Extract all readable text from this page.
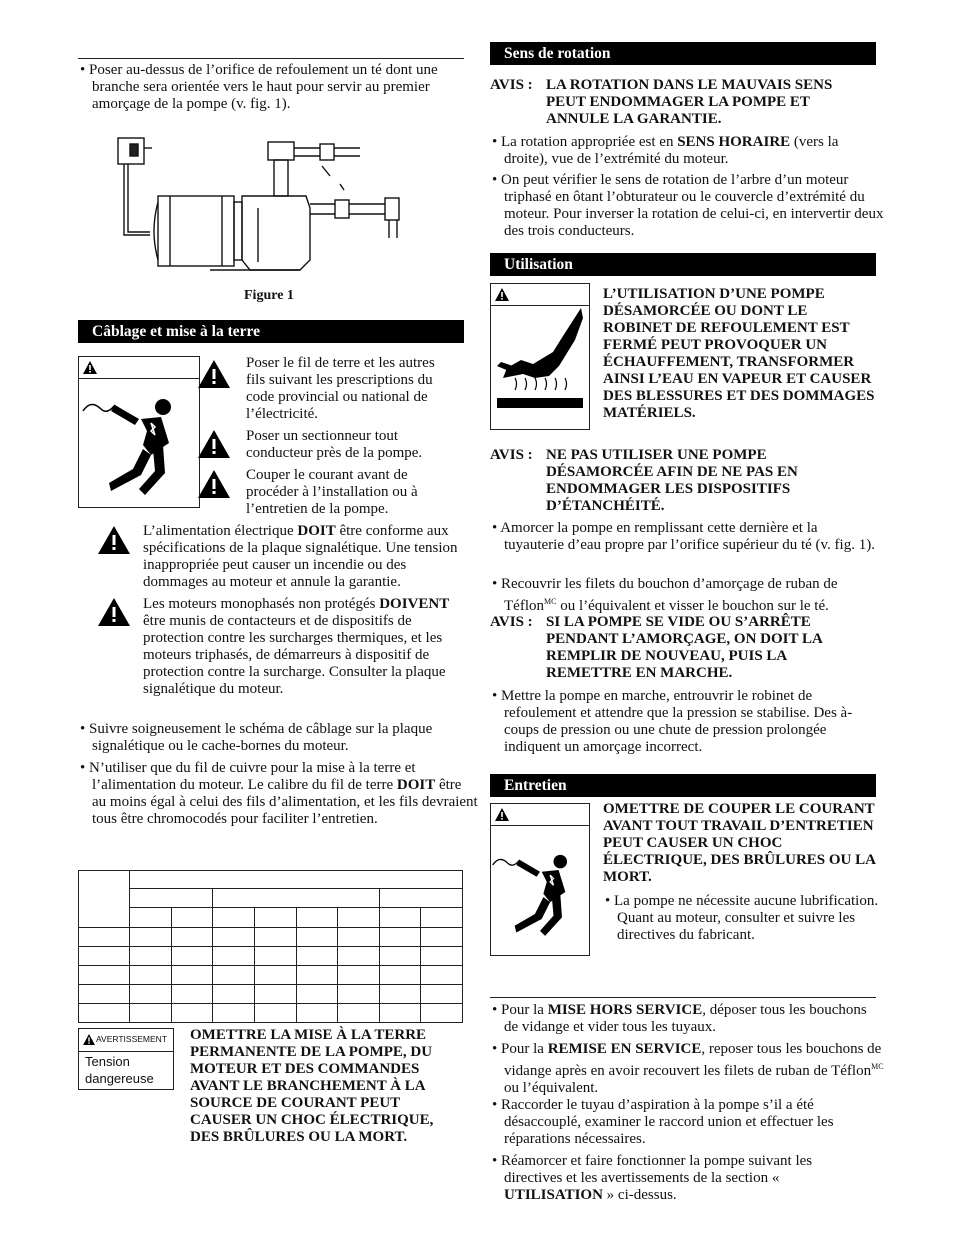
• Poser au-dessus de l’orifice de refoulement un té dont une branche sera orientée vers le haut pour servir au premier amorçage de la pompe (v. fig. 1).
Figure 1
Câblage et mise à la terre
Poser le fil de terre et les autres fils suivant les prescriptions du code provincial ou national de l’électricité.
Poser un sectionneur tout conducteur près de la pompe.
Couper le courant avant de procéder à l’installation ou à l’entretien de la pompe.
L’alimentation électrique DOIT être conforme aux spécifications de la plaque signalétique. Une tension inappropriée peut causer un incendie ou des dommages au moteur et annule la garantie.
Les moteurs monophasés non protégés DOIVENT être munis de contacteurs et de dispositifs de protection contre les surcharges thermiques, et les moteurs triphasés, de démarreurs à dispositif de protection contre la surcharge. Consulter la plaque signalétique du moteur.
• Suivre soigneusement le schéma de câblage sur la plaque signalétique ou le cache-bornes du moteur.
• N’utiliser que du fil de cuivre pour la mise à la terre et l’alimentation du moteur. Le calibre du fil de terre DOIT être au moins égal à celui des fils d’alimentation, et les fils devraient tous être chromocodés pour faciliter l’entretien.

AVERTISSEMENT
Tension dangereuse
OMETTRE LA MISE À LA TERRE PERMANENTE DE LA POMPE, DU MOTEUR ET DES COMMANDES AVANT LE BRANCHEMENT À LA SOURCE DE COURANT PEUT CAUSER UN CHOC ÉLECTRIQUE, DES BRÛLURES OU LA MORT.
Sens de rotation
AVIS : LA ROTATION DANS LE MAUVAIS SENS PEUT ENDOMMAGER LA POMPE ET ANNULE LA GARANTIE.
• La rotation appropriée est en SENS HORAIRE (vers la droite), vue de l’extrémité du moteur.
• On peut vérifier le sens de rotation de l’arbre d’un moteur triphasé en ôtant l’obturateur ou le couvercle d’extrémité du moteur. Pour inverser la rotation de celui-ci, en intervertir deux des trois conducteurs.
Utilisation
L’UTILISATION D’UNE POMPE DÉSAMORCÉE OU DONT LE ROBINET DE REFOULEMENT EST FERMÉ PEUT PROVOQUER UN ÉCHAUFFEMENT, TRANSFORMER AINSI L’EAU EN VAPEUR ET CAUSER DES BLESSURES ET DES DOMMAGES MATÉRIELS.
AVIS : NE PAS UTILISER UNE POMPE DÉSAMORCÉE AFIN DE NE PAS EN ENDOMMAGER LES DISPOSITIFS D’ÉTANCHÉITÉ.
• Amorcer la pompe en remplissant cette dernière et la tuyauterie d’eau propre par l’orifice supérieur du té (v. fig. 1).
• Recouvrir les filets du bouchon d’amorçage de ruban de Téflon$^{MC}$ ou l’équivalent et visser le bouchon sur le té.
AVIS : SI LA POMPE SE VIDE OU S’ARRÊTE PENDANT L’AMORÇAGE, ON DOIT LA REMPLIR DE NOUVEAU, PUIS LA REMETTRE EN MARCHE.
• Mettre la pompe en marche, entrouvrir le robinet de refoulement et attendre que la pression se stabilise. Des à-coups de pression ou une chute de pression prolongée indiquent un amorçage incorrect.
Entretien
OMETTRE DE COUPER LE COURANT AVANT TOUT TRAVAIL D’ENTRETIEN PEUT CAUSER UN CHOC ÉLECTRIQUE, DES BRÛLURES OU LA MORT.
• La pompe ne nécessite aucune lubrification. Quant au moteur, consulter et suivre les directives du fabricant.
• Pour la MISE HORS SERVICE, déposer tous les bouchons de vidange et vider tous les tuyaux.
• Pour la REMISE EN SERVICE, reposer tous les bouchons de vidange après en avoir recouvert les filets de ruban de Téflon$^{MC}$ ou l’équivalent.
• Raccorder le tuyau d’aspiration à la pompe s’il a été désaccouplé, examiner le raccord union et effectuer les réparations nécessaires.
• Réamorcer et faire fonctionner la pompe suivant les directives et les avertissements de la section « UTILISATION » ci-dessus.
